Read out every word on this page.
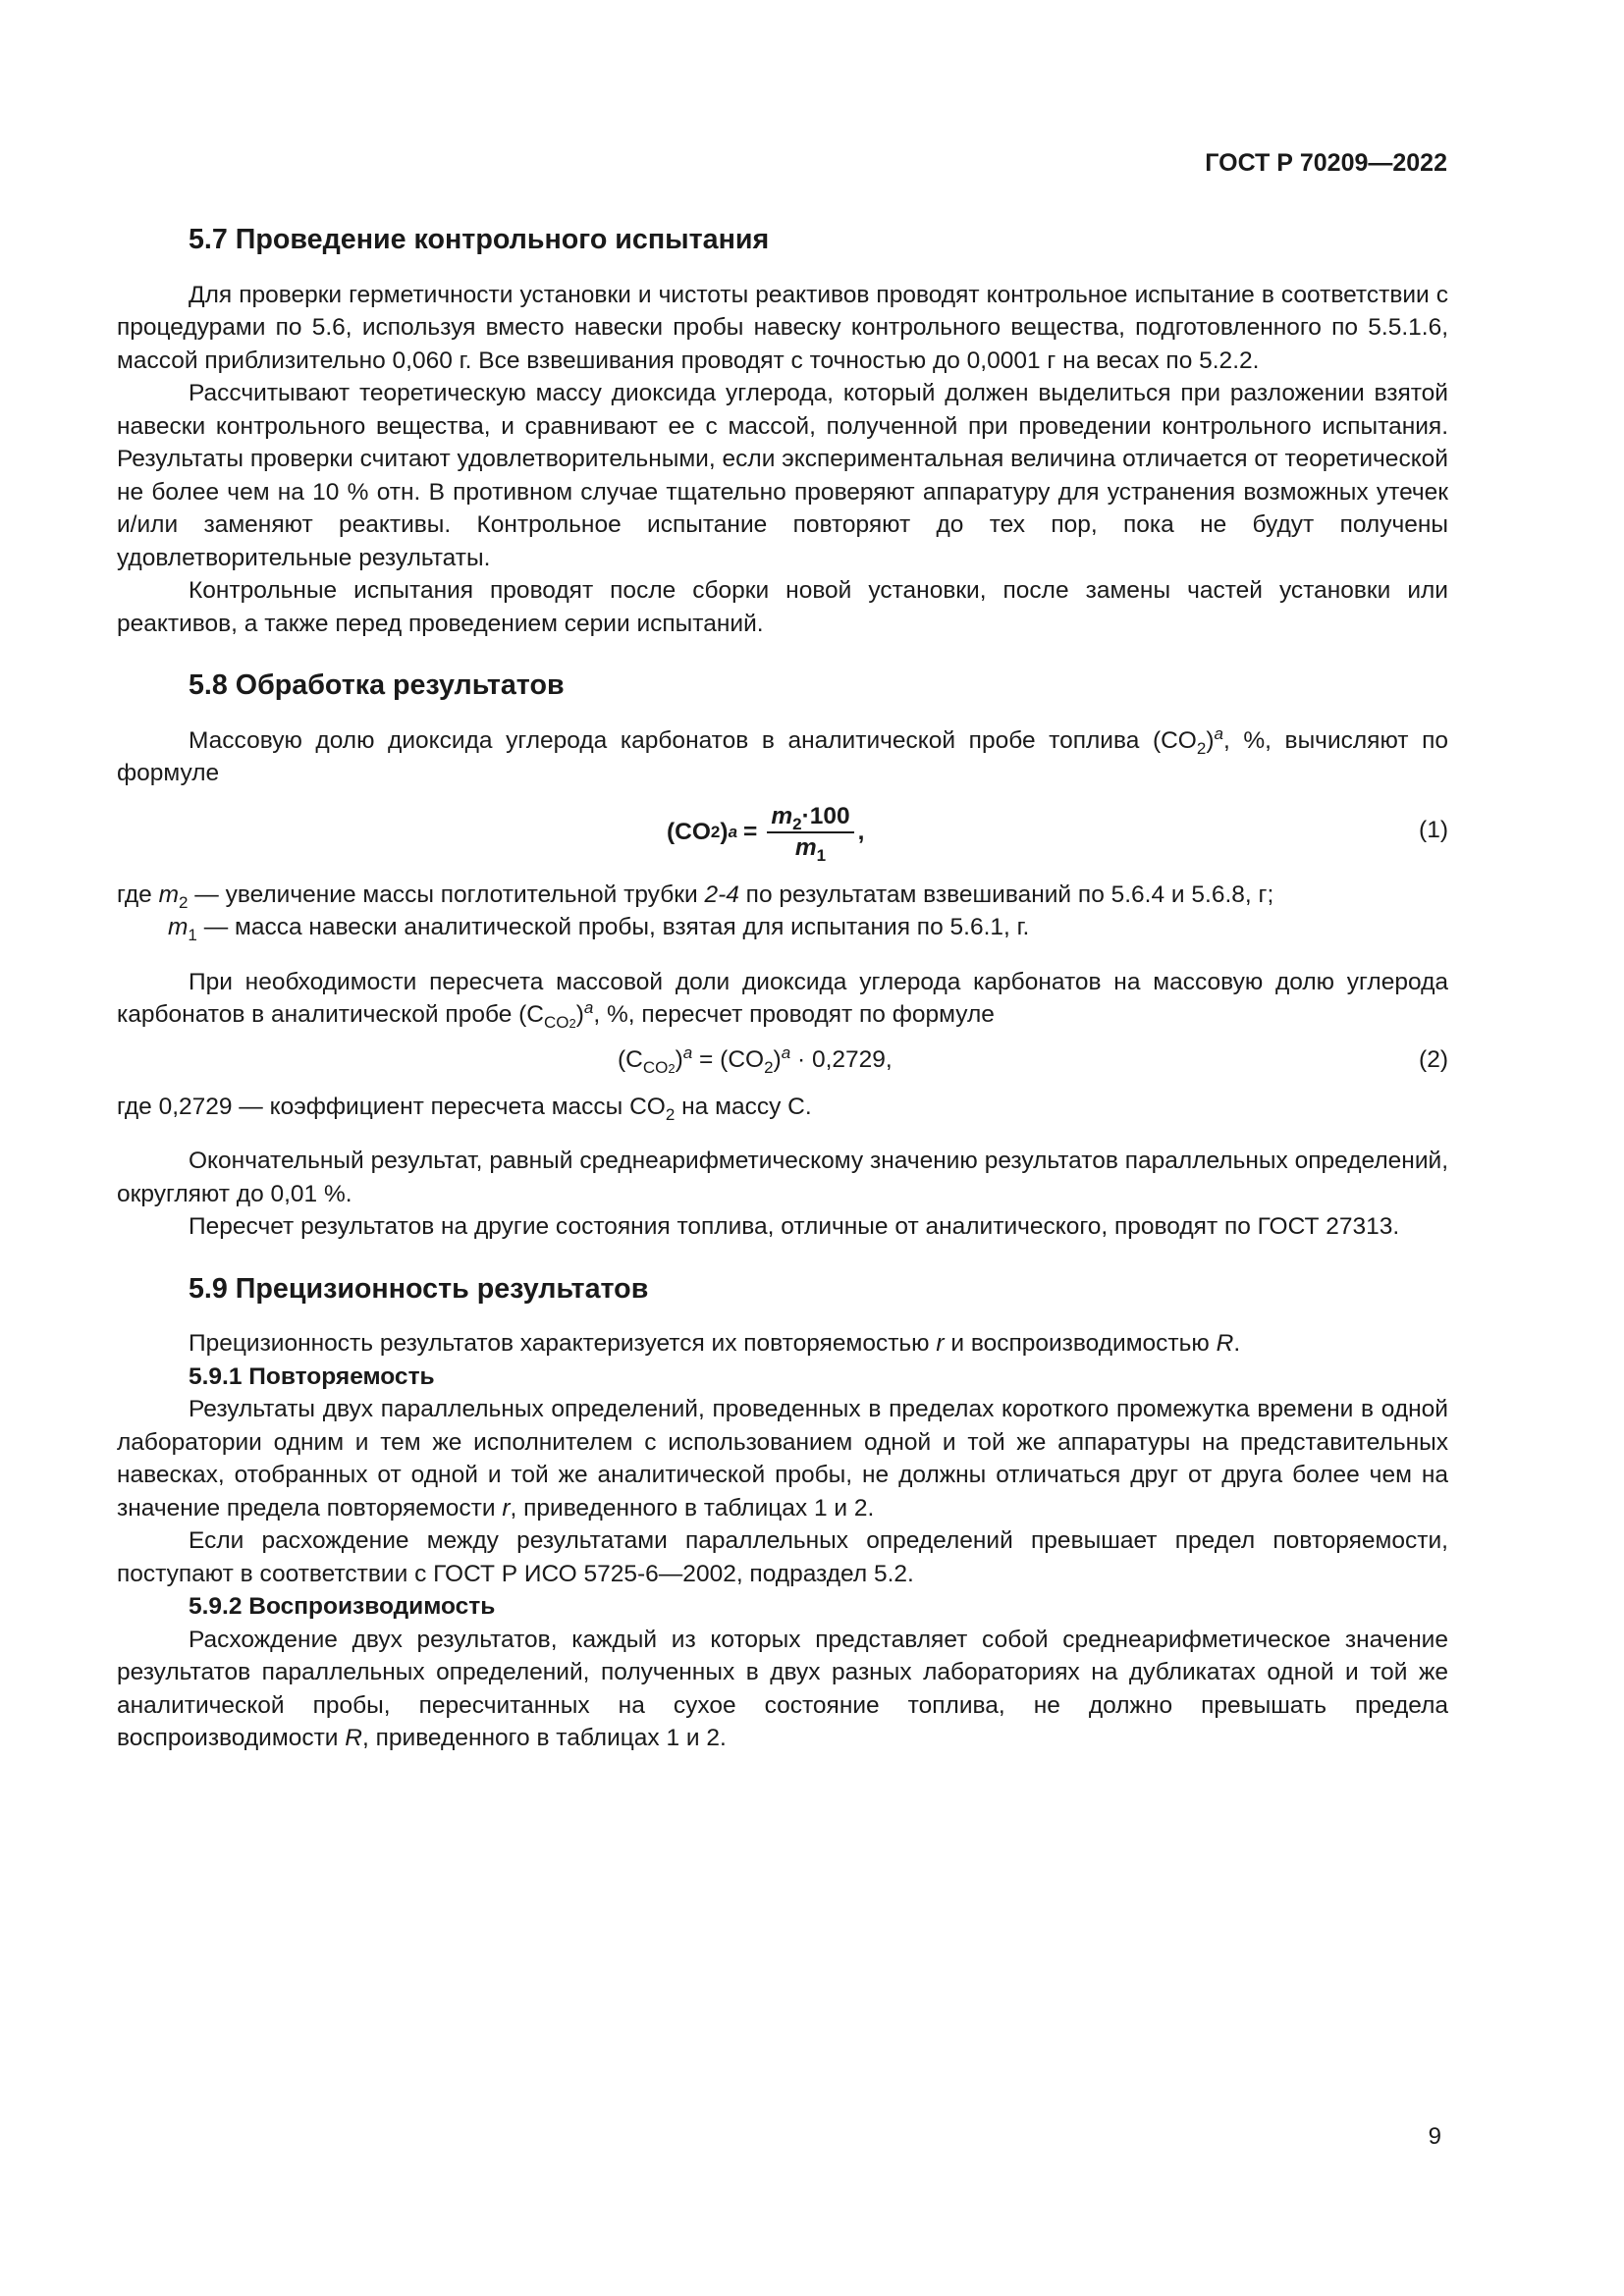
ГОСТ Р 70209—2022
5.7 Проведение контрольного испытания

Для проверки герметичности установки и чистоты реактивов проводят контрольное испытание в соответствии с процедурами по 5.6, используя вместо навески пробы навеску контрольного вещества, подготовленного по 5.5.1.6, массой приблизительно 0,060 г. Все взвешивания проводят с точностью до 0,0001 г на весах по 5.2.2.

Рассчитывают теоретическую массу диоксида углерода, который должен выделиться при разложении взятой навески контрольного вещества, и сравнивают ее с массой, полученной при проведении контрольного испытания. Результаты проверки считают удовлетворительными, если экспериментальная величина отличается от теоретической не более чем на 10 % отн. В противном случае тщательно проверяют аппаратуру для устранения возможных утечек и/или заменяют реактивы. Контрольное испытание повторяют до тех пор, пока не будут получены удовлетворительные результаты.

Контрольные испытания проводят после сборки новой установки, после замены частей установки или реактивов, а также перед проведением серии испытаний.

5.8 Обработка результатов

Массовую долю диоксида углерода карбонатов в аналитической пробе топлива $(CO_2)^a$, %, вычисляют по формуле

(CO 2 ) $a = \frac{m_2\cdot 100}{m_1}$ ,	(1)
где $m_2$ — увеличение массы поглотительной трубки 2-4 по результатам взвешиваний по 5.6.4 и 5.6.8, г;
$m_1$ — масса навески аналитической пробы, взятая для испытания по 5.6.1, г.

При необходимости пересчета массовой доли диоксида углерода карбонатов на массовую долю углерода карбонатов в аналитической пробе $(C_{CO2})^a$, %, пересчет проводят по формуле

$(C_{CO2})^a = (CO_2)^a \cdot 0,2729$,	(2)
где 0,2729 — коэффициент пересчета массы $CO_2$ на массу C.

Окончательный результат, равный среднеарифметическому значению результатов параллельных определений, округляют до 0,01 %.

Пересчет результатов на другие состояния топлива, отличные от аналитического, проводят по ГОСТ 27313.

5.9 Прецизионность результатов

Прецизионность результатов характеризуется их повторяемостью r и воспроизводимостью R.

5.9.1 Повторяемость

Результаты двух параллельных определений, проведенных в пределах короткого промежутка времени в одной лаборатории одним и тем же исполнителем с использованием одной и той же аппаратуры на представительных навесках, отобранных от одной и той же аналитической пробы, не должны отличаться друг от друга более чем на значение предела повторяемости r, приведенного в таблицах 1 и 2.

Если расхождение между результатами параллельных определений превышает предел повторяемости, поступают в соответствии с ГОСТ Р ИСО 5725-6—2002, подраздел 5.2.

5.9.2 Воспроизводимость

Расхождение двух результатов, каждый из которых представляет собой среднеарифметическое значение результатов параллельных определений, полученных в двух разных лабораториях на дубликатах одной и той же аналитической пробы, пересчитанных на сухое состояние топлива, не должно превышать предела воспроизводимости R, приведенного в таблицах 1 и 2.

9
